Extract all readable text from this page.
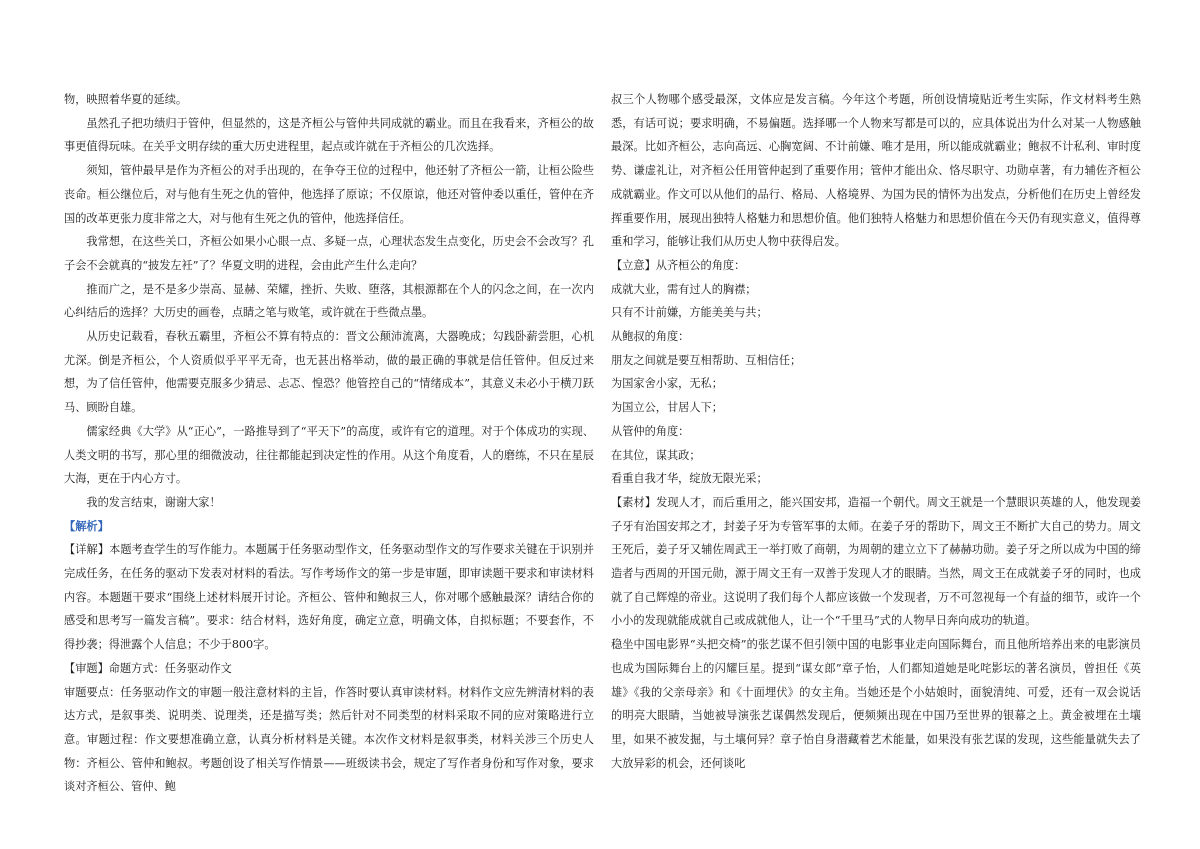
物，映照着华夏的延续。

虽然孔子把功绩归于管仲，但显然的，这是齐桓公与管仲共同成就的霸业。而且在我看来，齐桓公的故事更值得玩味。在关乎文明存续的重大历史进程里，起点或许就在于齐桓公的几次选择。

须知，管仲最早是作为齐桓公的对手出现的，在争夺王位的过程中，他还射了齐桓公一箭，让桓公险些丧命。桓公继位后，对与他有生死之仇的管仲，他选择了原谅；不仅原谅，他还对管仲委以重任，管仲在齐国的改革更张力度非常之大，对与他有生死之仇的管仲，他选择信任。

我常想，在这些关口，齐桓公如果小心眼一点、多疑一点，心理状态发生点变化，历史会不会改写？孔子会不会就真的“披发左衽”了？华夏文明的进程，会由此产生什么走向？

推而广之，是不是多少崇高、显赫、荣耀，挫折、失败、堕落，其根源都在个人的闪念之间，在一次内心纠结后的选择？大历史的画卷，点睛之笔与败笔，或许就在于些微点墨。

从历史记载看，春秋五霸里，齐桓公不算有特点的：晋文公颠沛流离，大器晚成；勾践卧薪尝胆，心机尤深。倒是齐桓公，个人资质似乎平平无奇，也无甚出格举动，做的最正确的事就是信任管仲。但反过来想，为了信任管仲，他需要克服多少猜忌、忐忑、惶恐？他管控自己的“情绪成本”，其意义未必小于横刀跃马、顾盼自雄。

儒家经典《大学》从“正心”，一路推导到了“平天下”的高度，或许有它的道理。对于个体成功的实现、人类文明的书写，那心里的细微波动，往往都能起到决定性的作用。从这个角度看，人的磨练，不只在星辰大海，更在于内心方寸。

我的发言结束，谢谢大家！

【解析】

【详解】本题考查学生的写作能力。本题属于任务驱动型作文，任务驱动型作文的写作要求关键在于识别并完成任务，在任务的驱动下发表对材料的看法。写作考场作文的第一步是审题，即审读题干要求和审读材料内容。本题题干要求“围绕上述材料展开讨论。齐桓公、管仲和鲍叔三人，你对哪个感触最深？请结合你的感受和思考写一篇发言稿”。要求：结合材料，选好角度，确定立意，明确文体，自拟标题；不要套作，不得抄袭；得泄露个人信息；不少于800字。

【审题】命题方式：任务驱动作文

审题要点：任务驱动作文的审题一般注意材料的主旨，作答时要认真审读材料。材料作文应先辨清材料的表达方式，是叙事类、说明类、说理类，还是描写类；然后针对不同类型的材料采取不同的应对策略进行立意。审题过程：作文要想准确立意，认真分析材料是关键。本次作文材料是叙事类，材料关涉三个历史人物：齐桓公、管仲和鲍叔。考题创设了相关写作情景——班级读书会，规定了写作者身份和写作对象，要求谈对齐桓公、管仲、鲍

叔三个人物哪个感受最深，文体应是发言稿。今年这个考题，所创设情境贴近考生实际，作文材料考生熟悉，有话可说；要求明确，不易偏题。选择哪一个人物来写都是可以的，应具体说出为什么对某一人物感触最深。比如齐桓公，志向高远、心胸宽阔、不计前嫌、唯才是用，所以能成就霸业；鲍叔不计私利、审时度势、谦虚礼让，对齐桓公任用管仲起到了重要作用；管仲才能出众、恪尽职守、功勋卓著，有力辅佐齐桓公成就霸业。作文可以从他们的品行、格局、人格境界、为国为民的情怀为出发点，分析他们在历史上曾经发挥重要作用，展现出独特人格魅力和思想价值。他们独特人格魅力和思想价值在今天仍有现实意义，值得尊重和学习，能够让我们从历史人物中获得启发。

【立意】从齐桓公的角度：

成就大业，需有过人的胸襟；

只有不计前嫌，方能美美与共；

从鲍叔的角度：

朋友之间就是要互相帮助、互相信任；

为国家舍小家，无私；

为国立公，甘居人下；

从管仲的角度：

在其位，谋其政；

看重自我才华，绽放无限光采；

【素材】发现人才，而后重用之，能兴国安邦，造福一个朝代。周文王就是一个慧眼识英雄的人，他发现姜子牙有治国安邦之才，封姜子牙为专管军事的太师。在姜子牙的帮助下，周文王不断扩大自己的势力。周文王死后，姜子牙又辅佐周武王一举打败了商朝，为周朝的建立立下了赫赫功勋。姜子牙之所以成为中国的缔造者与西周的开国元勋，源于周文王有一双善于发现人才的眼睛。当然，周文王在成就姜子牙的同时，也成就了自己辉煌的帝业。这说明了我们每个人都应该做一个发现者，万不可忽视每一个有益的细节，或许一个小小的发现就能成就自己或成就他人，让一个“千里马”式的人物早日奔向成功的轨道。

稳坐中国电影界“头把交椅”的张艺谋不但引领中国的电影事业走向国际舞台，而且他所培养出来的电影演员也成为国际舞台上的闪耀巨星。提到“谋女郎”章子怡，人们都知道她是叱咤影坛的著名演员，曾担任《英雄》《我的父亲母亲》和《十面埋伏》的女主角。当她还是个小姑娘时，面貌清纯、可爱，还有一双会说话的明亮大眼睛，当她被导演张艺谋偶然发现后，便频频出现在中国乃至世界的银幕之上。黄金被埋在土壤里，如果不被发掘，与土壤何异？章子怡自身潜藏着艺术能量，如果没有张艺谋的发现，这些能量就失去了大放异彩的机会，还何谈叱
